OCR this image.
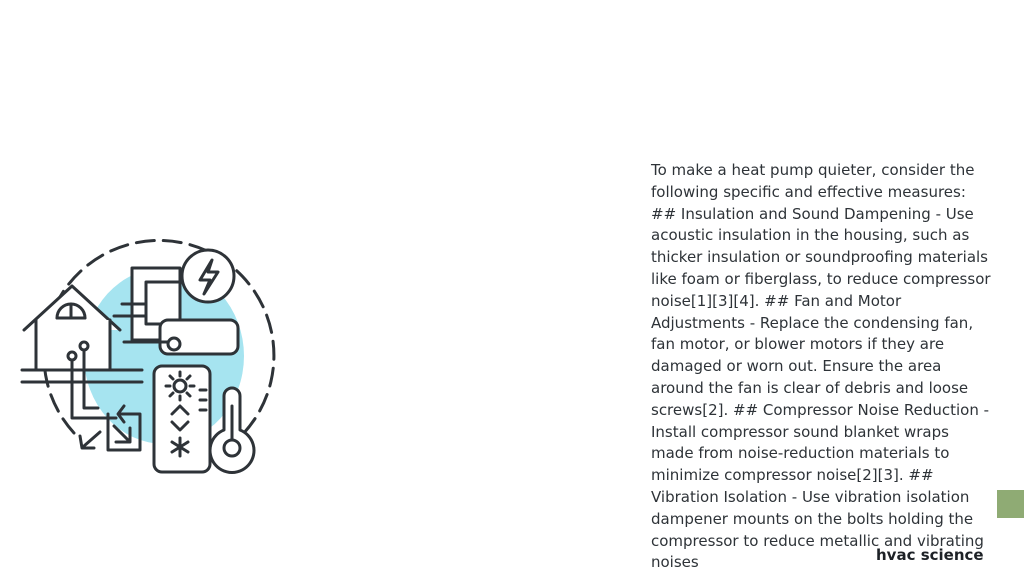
To make a heat pump quieter, consider the following specific and effective measures: ## Insulation and Sound Dampening - Use acoustic insulation in the housing, such as thicker insulation or soundproofing materials like foam or fiberglass, to reduce compressor noise[1][3][4]. ## Fan and Motor Adjustments - Replace the condensing fan, fan motor, or blower motors if they are damaged or worn out. Ensure the area around the fan is clear of debris and loose screws[2]. ## Compressor Noise Reduction - Install compressor sound blanket wraps made from noise-reduction materials to minimize compressor noise[2][3]. ## Vibration Isolation - Use vibration isolation dampener mounts on the bolts holding the compressor to reduce metallic and vibrating noises	hvac science
